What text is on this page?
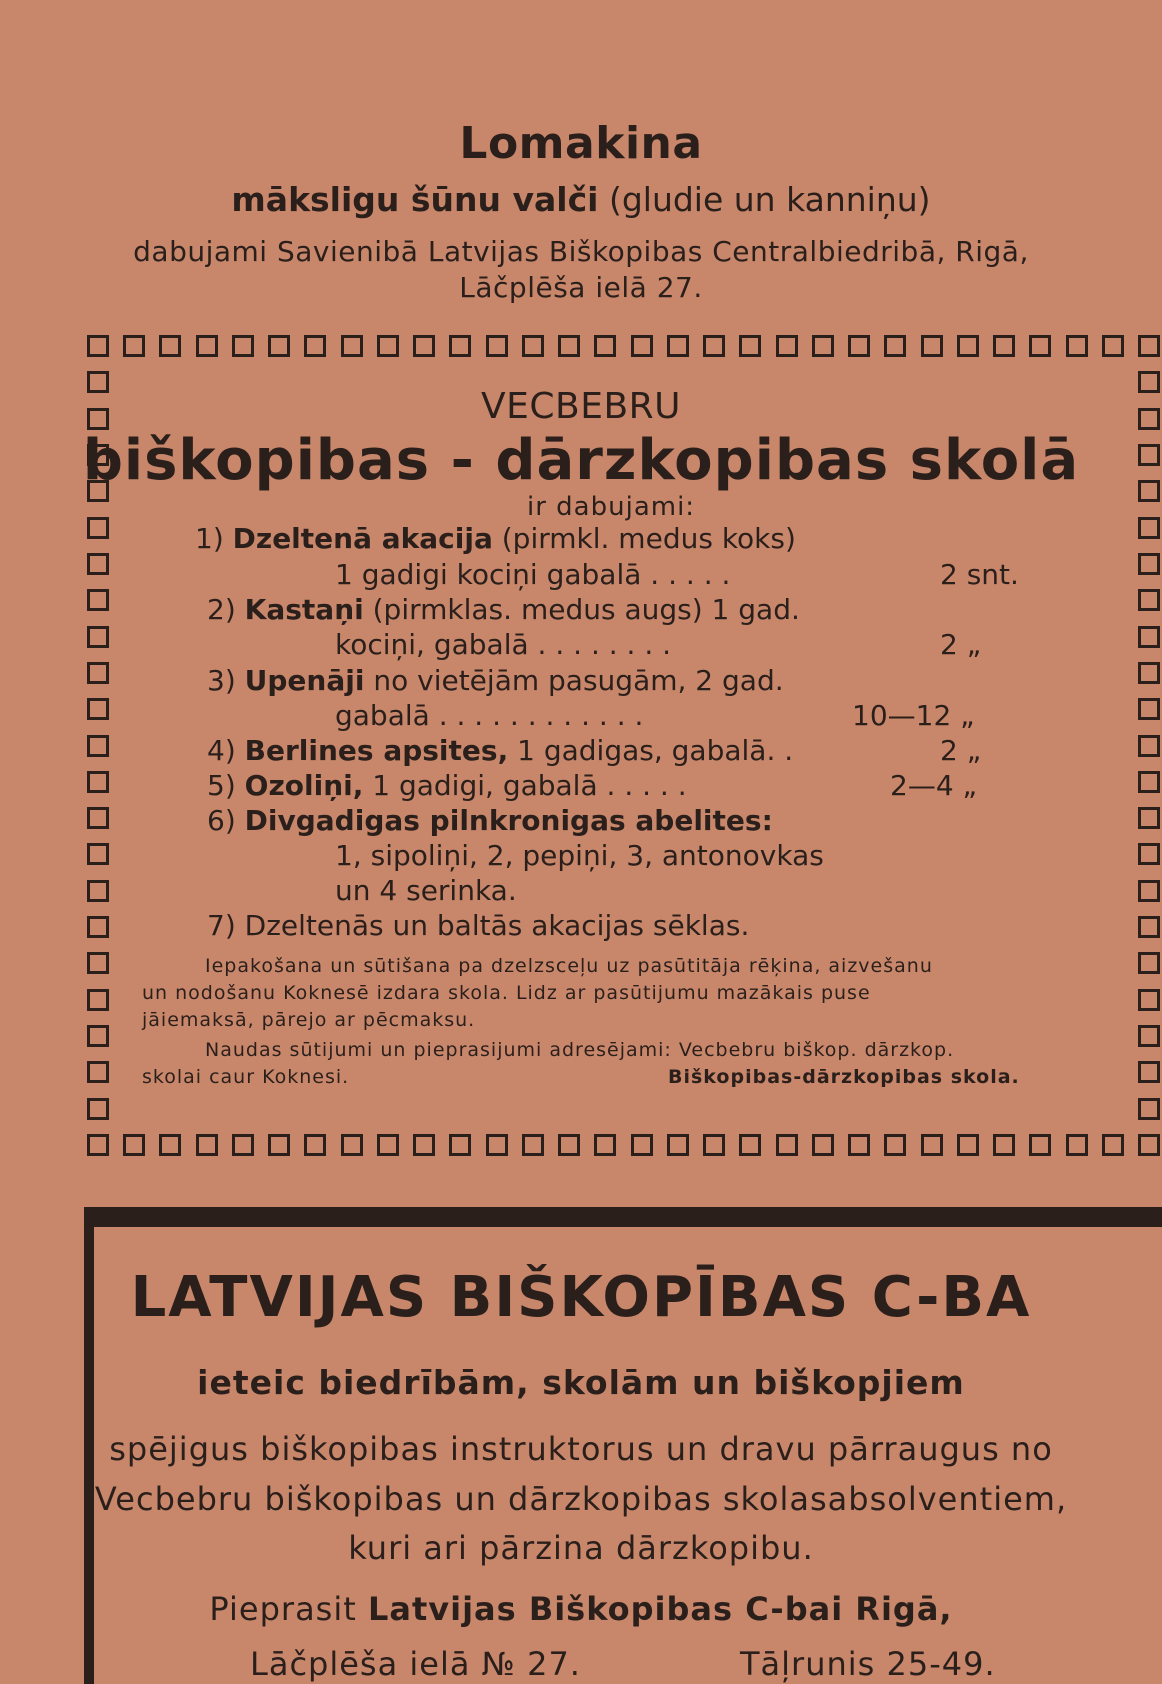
Lomakina
māksligu šūnu valči (gludie un kanniņu)
dabujami Savienibā Latvijas Biškopibas Centralbiedribā, Rigā,
Lāčplēša ielā 27.
VECBEBRU
biškopibas - dārzkopibas skolā
ir dabujami:
1) Dzeltenā akacija (pirmkl. medus koks)
1 gadigi kociņi gabalā . . . . .	2 snt.
2) Kastaņi (pirmklas. medus augs) 1 gad.
kociņi, gabalā . . . . . . . .	2 „
3) Upenāji no vietējām pasugām, 2 gad.
gabalā . . . . . . . . . . . .	10—12 „
4) Berlines apsites, 1 gadigas, gabalā. .	2 „
5) Ozoliņi, 1 gadigi, gabalā . . . . .	2—4 „
6) Divgadigas pilnkronigas abelites:
1, sipoliņi, 2, pepiņi, 3, antonovkas
un 4 serinka.
7) Dzeltenās un baltās akacijas sēklas.
Iepakošana un sūtišana pa dzelzsceļu uz pasūtitāja rēķina, aizvešanu
un nodošanu Koknesē izdara skola. Lidz ar pasūtijumu mazākais puse
jāiemaksā, pārejo ar pēcmaksu.
Naudas sūtijumi un pieprasijumi adresējami: Vecbebru biškop. dārzkop.
skolai caur Koknesi.	Biškopibas-dārzkopibas skola.
LATVIJAS BIŠKOPĪBAS C-BA
ieteic biedrībām, skolām un biškopjiem
spējigus biškopibas instruktorus un dravu pārraugus no
Vecbebru biškopibas un dārzkopibas skolasabsolventiem,
kuri ari pārzina dārzkopibu.
Pieprasit Latvijas Biškopibas C-bai Rigā,
Lāčplēša ielā № 27.	Tāļrunis 25-49.
